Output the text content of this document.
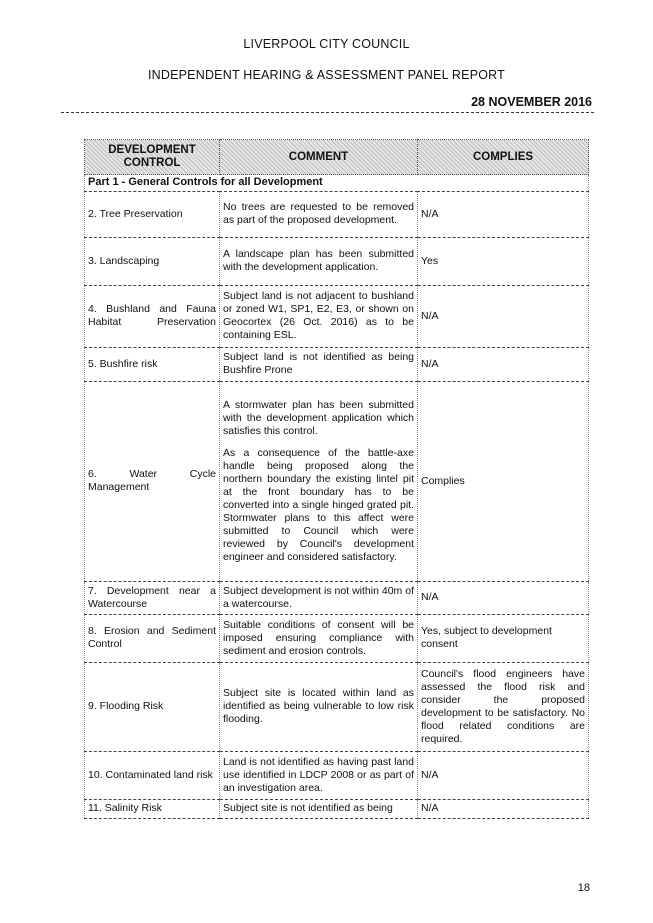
LIVERPOOL CITY COUNCIL
INDEPENDENT HEARING & ASSESSMENT PANEL REPORT
28 NOVEMBER 2016
DEVELOPMENT CONTROL	COMMENT	COMPLIES
Part 1 - General Controls for all Development		
2. Tree Preservation	No trees are requested to be removed as part of the proposed development.	N/A
3. Landscaping	A landscape plan has been submitted with the development application.	Yes
4. Bushland and Fauna Habitat Preservation	Subject land is not adjacent to bushland or zoned W1, SP1, E2, E3, or shown on Geocortex (26 Oct. 2016) as to be containing ESL.	N/A
5. Bushfire risk	Subject land is not identified as being Bushfire Prone	N/A
6. Water Cycle Management	A stormwater plan has been submitted with the development application which satisfies this control.

As a consequence of the battle-axe handle being proposed along the northern boundary the existing lintel pit at the front boundary has to be converted into a single hinged grated pit. Stormwater plans to this affect were submitted to Council which were reviewed by Council's development engineer and considered satisfactory.	Complies
7. Development near a Watercourse	Subject development is not within 40m of a watercourse.	N/A
8. Erosion and Sediment Control	Suitable conditions of consent will be imposed ensuring compliance with sediment and erosion controls.	Yes, subject to development consent
9. Flooding Risk	Subject site is located within land as identified as being vulnerable to low risk flooding.	Council's flood engineers have assessed the flood risk and consider the proposed development to be satisfactory. No flood related conditions are required.
10. Contaminated land risk	Land is not identified as having past land use identified in LDCP 2008 or as part of an investigation area.	N/A
11. Salinity Risk	Subject site is not identified as being	N/A
18
